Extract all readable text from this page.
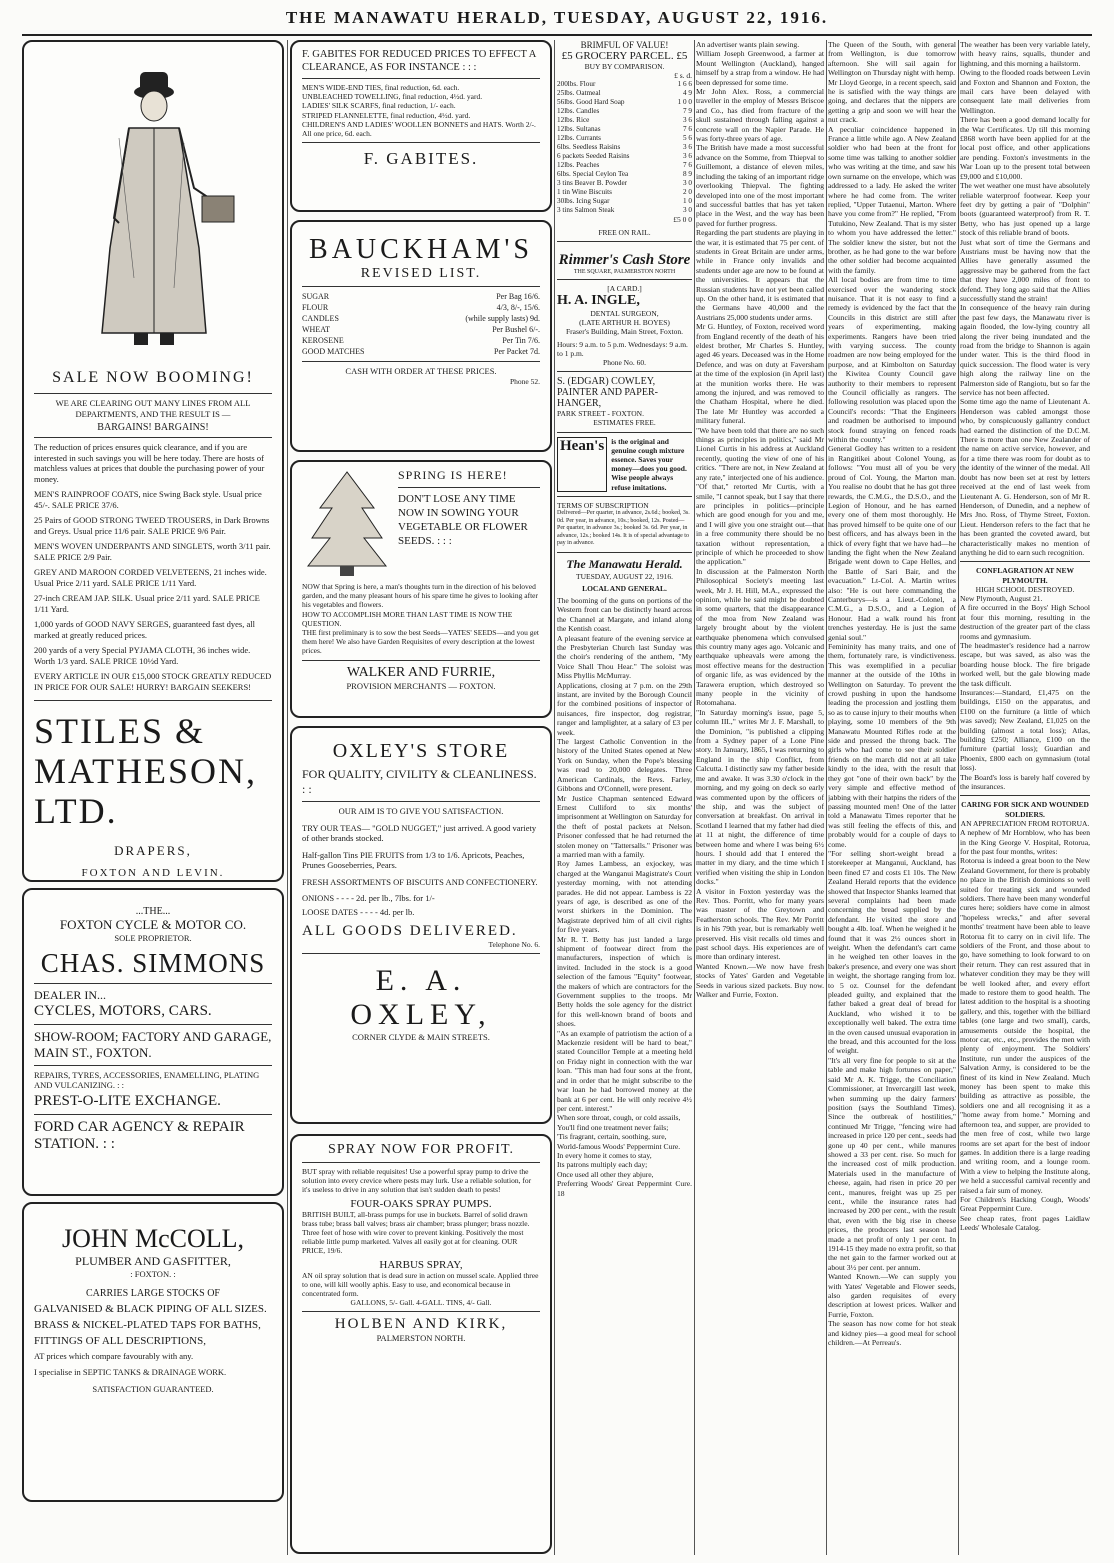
THE MANAWATU HERALD, TUESDAY, AUGUST 22, 1916.
SALE NOW BOOMING!
WE ARE CLEARING OUT MANY LINES FROM ALL DEPARTMENTS, AND THE RESULT IS —
BARGAINS! BARGAINS!
The reduction of prices ensures quick clearance, and if you are interested in such savings you will be here today. There are hosts of matchless values at prices that double the purchasing power of your money.
MEN'S RAINPROOF COATS, nice Swing Back style. Usual price 45/-. SALE PRICE 37/6.
25 Pairs of GOOD STRONG TWEED TROUSERS, in Dark Browns and Greys. Usual price 11/6 pair. SALE PRICE 9/6 Pair.
MEN'S WOVEN UNDERPANTS AND SINGLETS, worth 3/11 pair. SALE PRICE 2/9 Pair.
GREY AND MAROON CORDED VELVETEENS, 21 inches wide. Usual Price 2/11 yard. SALE PRICE 1/11 Yard.
27-inch CREAM JAP. SILK. Usual price 2/11 yard. SALE PRICE 1/11 Yard.
1,000 yards of GOOD NAVY SERGES, guaranteed fast dyes, all marked at greatly reduced prices.
200 yards of a very Special PYJAMA CLOTH, 36 inches wide. Worth 1/3 yard. SALE PRICE 10½d Yard.
EVERY ARTICLE IN OUR £15,000 STOCK GREATLY REDUCED IN PRICE FOR OUR SALE! HURRY! BARGAIN SEEKERS!
STILES &
MATHESON, LTD.
DRAPERS,
FOXTON AND LEVIN.
...THE...
FOXTON CYCLE & MOTOR CO.
SOLE PROPRIETOR.
CHAS. SIMMONS
DEALER IN...
CYCLES, MOTORS, CARS.
SHOW-ROOM; FACTORY AND GARAGE, MAIN ST., FOXTON.
REPAIRS, TYRES, ACCESSORIES, ENAMELLING, PLATING AND VULCANIZING. : :
PREST-O-LITE EXCHANGE.
FORD CAR AGENCY & REPAIR STATION. : :
JOHN McCOLL,
PLUMBER AND GASFITTER,
: FOXTON. :
CARRIES LARGE STOCKS OF
GALVANISED & BLACK PIPING OF ALL SIZES.
BRASS & NICKEL-PLATED TAPS FOR BATHS,
FITTINGS OF ALL DESCRIPTIONS,
AT prices which compare favourably with any.
I specialise in SEPTIC TANKS & DRAINAGE WORK.
SATISFACTION GUARANTEED.
F. GABITES FOR REDUCED PRICES TO EFFECT A CLEARANCE, AS FOR INSTANCE : : :
MEN'S WIDE-END TIES, final reduction, 6d. each.
UNBLEACHED TOWELLING, final reduction, 4½d. yard.
LADIES' SILK SCARFS, final reduction, 1/- each.
STRIPED FLANNELETTE, final reduction, 4½d. yard.
CHILDREN'S AND LADIES' WOOLLEN BONNETS and HATS. Worth 2/-. All one price, 6d. each.
F. GABITES.
BAUCKHAM'S
REVISED LIST.
SUGAR	Per Bag 16/6.
FLOUR	4/3, 8/-, 15/6.
CANDLES	(while supply lasts) 9d.
WHEAT	Per Bushel 6/-.
KEROSENE	Per Tin 7/6.
GOOD MATCHES	Per Packet 7d.
CASH WITH ORDER AT THESE PRICES.
Phone 52.
SPRING IS HERE!
DON'T LOSE ANY TIME NOW IN SOWING YOUR VEGETABLE OR FLOWER SEEDS. : : :
NOW that Spring is here, a man's thoughts turn in the direction of his beloved garden, and the many pleasant hours of his spare time he gives to looking after his vegetables and flowers.
HOW TO ACCOMPLISH MORE THAN LAST TIME IS NOW THE QUESTION.
THE first preliminary is to sow the best Seeds—YATES' SEEDS—and you get them here! We also have Garden Requisites of every description at the lowest prices.
WALKER AND FURRIE,
PROVISION MERCHANTS — FOXTON.
OXLEY'S STORE
FOR QUALITY, CIVILITY & CLEANLINESS. : :
OUR AIM IS TO GIVE YOU SATISFACTION.
TRY OUR TEAS— "GOLD NUGGET," just arrived. A good variety of other brands stocked.
Half-gallon Tins PIE FRUITS from 1/3 to 1/6. Apricots, Peaches, Prunes Gooseberries, Pears.
FRESH ASSORTMENTS OF BISCUITS AND CONFECTIONERY.
ONIONS - - - - 2d. per lb., 7lbs. for 1/-
LOOSE DATES - - - - 4d. per lb.
ALL GOODS DELIVERED.
Telephone No. 6.
E. A. OXLEY,
CORNER CLYDE & MAIN STREETS.
SPRAY NOW FOR PROFIT.
BUT spray with reliable requisites! Use a powerful spray pump to drive the solution into every crevice where pests may lurk. Use a reliable solution, for it's useless to drive in any solution that isn't sudden death to pests!
FOUR-OAKS SPRAY PUMPS.
BRITISH BUILT, all-brass pumps for use in buckets. Barrel of solid drawn brass tube; brass ball valves; brass air chamber; brass plunger; brass nozzle. Three feet of hose with wire cover to prevent kinking. Positively the most reliable little pump marketed. Valves all easily got at for cleaning. OUR PRICE, 19/6.
HARBUS SPRAY,
AN oil spray solution that is dead sure in action on mussel scale. Applied three to one, will kill woolly aphis. Easy to use, and economical because in concentrated form.
GALLONS, 5/- Gall. 4-GALL. TINS, 4/- Gall.
HOLBEN AND KIRK,
PALMERSTON NORTH.
BRIMFUL OF VALUE!
£5 GROCERY PARCEL. £5
BUY BY COMPARISON.
£ s. d.
200lbs. Flour	1 6 6
25lbs. Oatmeal	4 9
56lbs. Good Hard Soap	1 0 0
12lbs. Candles	7 9
12lbs. Rice	3 6
12lbs. Sultanas	7 6
12lbs. Currants	5 6
6lbs. Seedless Raisins	3 6
6 packets Seeded Raisins	3 6
12lbs. Peaches	7 6
6lbs. Special Ceylon Tea	8 9
3 tins Beaver B. Powder	3 0
1 tin Wine Biscuits	2 0
30lbs. Icing Sugar	1 0
3 tins Salmon Steak	3 0
£5 0 0
FREE ON RAIL.
Rimmer's Cash Store
THE SQUARE, PALMERSTON NORTH
[A CARD.]
H. A. INGLE,
DENTAL SURGEON,
(LATE ARTHUR H. BOYES)
Fraser's Building, Main Street, Foxton.
Hours: 9 a.m. to 5 p.m. Wednesdays: 9 a.m. to 1 p.m.
Phone No. 60.
S. (EDGAR) COWLEY,
PAINTER AND PAPER-HANGER,
PARK STREET - FOXTON.
ESTIMATES FREE.
Hean's is the original and genuine cough mixture essence. Saves your money—does you good. Wise people always refuse imitations.
TERMS OF SUBSCRIPTION
Delivered—Per quarter, in advance, 2s.6d.; booked, 3s. 0d. Per year, in advance, 10s.; booked, 12s. Posted—Per quarter, in advance 3s.; booked 3s. 6d. Per year, in advance, 12s.; booked 14s. It is of special advantage to pay in advance.
The Manawatu Herald.
TUESDAY, AUGUST 22, 1916.
LOCAL AND GENERAL.
The booming of the guns on portions of the Western front can be distinctly heard across the Channel at Margate, and inland along the Kentish coast.
A pleasant feature of the evening service at the Presbyterian Church last Sunday was the choir's rendering of the anthem, "My Voice Shall Thou Hear." The soloist was Miss Phyllis McMurray.
Applications, closing at 7 p.m. on the 29th instant, are invited by the Borough Council for the combined positions of inspector of nuisances, fire inspector, dog registrar, ranger and lamplighter, at a salary of £3 per week.
The largest Catholic Convention in the history of the United States opened at New York on Sunday, when the Pope's blessing was read to 20,000 delegates. Three American Cardinals, the Revs. Farley, Gibbons and O'Connell, were present.
Mr Justice Chapman sentenced Edward Ernest Culliford to six months' imprisonment at Wellington on Saturday for the theft of postal packets at Nelson. Prisoner confessed that he had returned the stolen money on "Tattersalls." Prisoner was a married man with a family.
Roy James Lambess, an exjockey, was charged at the Wanganui Magistrate's Court yesterday morning, with not attending parades. He did not appear. Lambess is 22 years of age, is described as one of the worst shirkers in the Dominion. The Magistrate deprived him of all civil rights for five years.
Mr R. T. Betty has just landed a large shipment of footwear direct from the manufacturers, inspection of which is invited. Included in the stock is a good selection of the famous "Equity" footwear, the makers of which are contractors for the Government supplies to the troops. Mr Betty holds the sole agency for the district for this well-known brand of boots and shoes.
"As an example of patriotism the action of a Mackenzie resident will be hard to beat," stated Councillor Temple at a meeting held on Friday night in connection with the war loan. "This man had four sons at the front, and in order that he might subscribe to the war loan he had borrowed money at the bank at 6 per cent. He will only receive 4½ per cent. interest."
When sore throat, cough, or cold assails,
You'll find one treatment never fails;
'Tis fragrant, certain, soothing, sure,
World-famous Woods' Peppermint Cure.
In every home it comes to stay,
Its patrons multiply each day;
Once used all other they abjure,
Preferring Woods' Great Peppermint Cure. 18
An advertiser wants plain sewing.
William Joseph Greenwood, a farmer at Mount Wellington (Auckland), hanged himself by a strap from a window. He had been depressed for some time.
Mr John Alex. Ross, a commercial traveller in the employ of Messrs Briscoe and Co., has died from fracture of the skull sustained through falling against a concrete wall on the Napier Parade. He was forty-three years of age.
The British have made a most successful advance on the Somme, from Thiepval to Guillemont, a distance of eleven miles, including the taking of an important ridge overlooking Thiepval. The fighting developed into one of the most important and successful battles that has yet taken place in the West, and the way has been paved for further progress.
Regarding the part students are playing in the war, it is estimated that 75 per cent. of students in Great Britain are under arms, while in France only invalids and students under age are now to be found at the universities. It appears that the Russian students have not yet been called up. On the other hand, it is estimated that the Germans have 40,000 and the Austrians 25,000 students under arms.
Mr G. Huntley, of Foxton, received word from England recently of the death of his eldest brother, Mr Charles S. Huntley, aged 46 years. Deceased was in the Home Defence, and was on duty at Faversham at the time of the explosion (in April last) at the munition works there. He was among the injured, and was removed to the Chatham Hospital, where he died. The late Mr Huntley was accorded a military funeral.
"We have been told that there are no such things as principles in politics," said Mr Lionel Curtis in his address at Auckland recently, quoting the view of one of his critics. "There are not, in New Zealand at any rate," interjected one of his audience. "Of that," retorted Mr Curtis, with a smile, "I cannot speak, but I say that there are principles in politics—principle which are good enough for you and me, and I will give you one straight out—that in a free community there should be no taxation without representation, a principle of which he proceeded to show the application."
In discussion at the Palmerston North Philosophical Society's meeting last week, Mr J. H. Hill, M.A., expressed the opinion, while he said might be doubted in some quarters, that the disappearance of the moa from New Zealand was largely brought about by the violent earthquake phenomena which convulsed this country many ages ago. Volcanic and earthquake upheavals were among the most effective means for the destruction of organic life, as was evidenced by the Tarawera eruption, which destroyed so many people in the vicinity of Rotomahana.
"In Saturday morning's issue, page 5, column III.," writes Mr J. F. Marshall, to the Dominion, "is published a clipping from a Sydney paper of a Lone Pine story. In January, 1865, I was returning to England in the ship Conflict, from Calcutta. I distinctly saw my father beside me and awake. It was 3.30 o'clock in the morning, and my going on deck so early was commented upon by the officers of the ship, and was the subject of conversation at breakfast. On arrival in Scotland I learned that my father had died at 11 at night, the difference of time between home and where I was being 6½ hours. I should add that I entered the matter in my diary, and the time which I verified when visiting the ship in London docks."
A visitor in Foxton yesterday was the Rev. Thos. Porritt, who for many years was master of the Greytown and Featherston schools. The Rev. Mr Porritt is in his 79th year, but is remarkably well preserved. His visit recalls old times and past school days. His experiences are of more than ordinary interest.
Wanted Known.—We now have fresh stocks of Yates' Garden and Vegetable Seeds in various sized packets. Buy now. Walker and Furrie, Foxton.
The Queen of the South, with general from Wellington, is due tomorrow afternoon. She will sail again for Wellington on Thursday night with hemp.
Mr Lloyd George, in a recent speech, said he is satisfied with the way things are going, and declares that the nippers are getting a grip and soon we will hear the nut crack.
A peculiar coincidence happened in France a little while ago. A New Zealand soldier who had been at the front for some time was talking to another soldier who was writing at the time, and saw his own surname on the envelope, which was addressed to a lady. He asked the writer where he had come from. The writer replied, "Upper Tutaenui, Marton. Where have you come from?" He replied, "From Tutukino, New Zealand. That is my sister to whom you have addressed the letter." The soldier knew the sister, but not the brother, as he had gone to the war before the other soldier had become acquainted with the family.
All local bodies are from time to time exercised over the wandering stock nuisance. That it is not easy to find a remedy is evidenced by the fact that the Councils in this district are still after years of experimenting, making experiments. Rangers have been tried with varying success. The county roadmen are now being employed for the purpose, and at Kimbolton on Saturday the Kiwitea County Council gave authority to their members to represent the Council officially as rangers. The following resolution was placed upon the Council's records: "That the Engineers and roadmen be authorised to impound stock found straying on fenced roads within the county."
General Godley has written to a resident in Rangitikei about Colonel Young, as follows: "You must all of you be very proud of Col. Young, the Marton man. You realise no doubt that he has got three rewards, the C.M.G., the D.S.O., and the Legion of Honour, and he has earned every one of them most thoroughly. He has proved himself to be quite one of our best officers, and has always been in the thick of every fight that we have had—he landing the fight when the New Zealand Brigade went down to Cape Helles, and the Battle of Sari Bair, and the evacuation." Lt-Col. A. Martin writes also: "He is out here commanding the Canterburys—is a Lieut.-Colonel, a C.M.G., a D.S.O., and a Legion of Honour. Had a walk round his front trenches yesterday. He is just the same genial soul."
Femininity has many traits, and one of them, fortunately rare, is vindictiveness. This was exemplified in a peculiar manner at the outside of the 10ths in Wellington on Saturday. To prevent the crowd pushing in upon the handsome leading the procession and jostling them so as to cause injury to their mouths when playing, some 10 members of the 9th Manawatu Mounted Rifles rode at the side and pressed the throng back. The girls who had come to see their soldier friends on the march did not at all take kindly to the idea, with the result that they got "one of their own back" by the very simple and effective method of jabbing with their hatpins the riders of the passing mounted men! One of the latter told a Manawatu Times reporter that he was still feeling the effects of this, and probably would for a couple of days to come.
"For selling short-weight bread a storekeeper at Manganui, Auckland, has been fined £7 and costs £1 10s. The New Zealand Herald reports that the evidence showed that Inspector Shanks learned that several complaints had been made concerning the bread supplied by the defendant. He visited the store and bought a 4lb. loaf. When he weighed it he found that it was 2½ ounces short in weight. When the defendant's cart came in he weighed ten other loaves in the baker's presence, and every one was short in weight, the shortage ranging from loz. to 5 oz. Counsel for the defendant pleaded guilty, and explained that the father baked a great deal of bread for Auckland, who wished it to be exceptionally well baked. The extra time in the oven caused unusual evaporation in the bread, and this accounted for the loss of weight.
"It's all very fine for people to sit at the table and make high fortunes on paper," said Mr A. K. Trigge, the Conciliation Commissioner, at Invercargill last week, when summing up the dairy farmers' position (says the Southland Times). Since the outbreak of hostilities," continued Mr Trigge, "fencing wire had increased in price 120 per cent., seeds had gone up 40 per cent., while manures showed a 33 per cent. rise. So much for the increased cost of milk production. Materials used in the manufacture of cheese, again, had risen in price 20 per cent., manures, freight was up 25 per cent., while the insurance rates had increased by 200 per cent., with the result that, even with the big rise in cheese prices, the producers last season had made a net profit of only 1 per cent. In 1914-15 they made no extra profit, so that the net gain to the farmer worked out at about 3½ per cent. per annum.
Wanted Known.—We can supply you with Yates' Vegetable and Flower seeds, also garden requisites of every description at lowest prices. Walker and Furrie, Foxton.
The season has now come for hot steak and kidney pies—a good meal for school children.—At Perreau's.
The weather has been very variable lately, with heavy rains, squalls, thunder and lightning, and this morning a hailstorm.
Owing to the flooded roads between Levin and Foxton and Shannon and Foxton, the mail cars have been delayed with consequent late mail deliveries from Wellington.
There has been a good demand locally for the War Certificates. Up till this morning £868 worth have been applied for at the local post office, and other applications are pending. Foxton's investments in the War Loan up to the present total between £9,000 and £10,000.
The wet weather one must have absolutely reliable waterproof footwear. Keep your feet dry by getting a pair of "Dolphin" boots (guaranteed waterproof) from R. T. Betty, who has just opened up a large stock of this reliable brand of boots.
Just what sort of time the Germans and Austrians must be having now that the Allies have generally assumed the aggressive may be gathered from the fact that they have 2,000 miles of front to defend. They long ago said that the Allies successfully stand the strain!
In consequence of the heavy rain during the past few days, the Manawatu river is again flooded, the low-lying country all along the river being inundated and the road from the bridge to Shannon is again under water. This is the third flood in quick succession. The flood water is very high along the railway line on the Palmerston side of Rangiotu, but so far the service has not been affected.
Some time ago the name of Lieutenant A. Henderson was cabled amongst those who, by conspicuously gallantry conduct had earned the distinction of the D.C.M. There is more than one New Zealander of the name on active service, however, and for a time there was room for doubt as to the identity of the winner of the medal. All doubt has now been set at rest by letters received at the end of last week from Lieutenant A. G. Henderson, son of Mr R. Henderson, of Dunedin, and a nephew of Mrs Jno. Ross, of Thyme Street, Foxton. Lieut. Henderson refers to the fact that he has been granted the coveted award, but characteristically makes no mention of anything he did to earn such recognition.
CONFLAGRATION AT NEW PLYMOUTH.
HIGH SCHOOL DESTROYED.
New Plymouth, August 21.
A fire occurred in the Boys' High School at four this morning, resulting in the destruction of the greater part of the class rooms and gymnasium.
The headmaster's residence had a narrow escape, but was saved, as also was the boarding house block. The fire brigade worked well, but the gale blowing made the task difficult.
Insurances:—Standard, £1,475 on the buildings, £150 on the apparatus, and £100 on the furniture (a little of which was saved); New Zealand, £1,025 on the building (almost a total loss); Atlas, building £250; Alliance, £100 on the furniture (partial loss); Guardian and Phoenix, £800 each on gymnasium (total loss).
The Board's loss is barely half covered by the insurances.
CARING FOR SICK AND WOUNDED SOLDIERS.
AN APPRECIATION FROM ROTORUA.
A nephew of Mr Hornblow, who has been in the King George V. Hospital, Rotorua, for the past four months, writes:
Rotorua is indeed a great boon to the New Zealand Government, for there is probably no place in the British dominions so well suited for treating sick and wounded soldiers. There have been many wonderful cures here; soldiers have come in almost "hopeless wrecks," and after several months' treatment have been able to leave Rotorua fit to carry on in civil life. The soldiers of the Front, and those about to go, have something to look forward to on their return. They can rest assured that in whatever condition they may be they will be well looked after, and every effort made to restore them to good health. The latest addition to the hospital is a shooting gallery, and this, together with the billiard tables (one large and two small), cards, amusements outside the hospital, the motor car, etc., etc., provides the men with plenty of enjoyment. The Soldiers' Institute, run under the auspices of the Salvation Army, is considered to be the finest of its kind in New Zealand. Much money has been spent to make this building as attractive as possible, the soldiers one and all recognising it as a "home away from home." Morning and afternoon tea, and supper, are provided to the men free of cost, while two large rooms are set apart for the best of indoor games. In addition there is a large reading and writing room, and a lounge room. With a view to helping the Institute along, we held a successful carnival recently and raised a fair sum of money.
For Children's Hacking Cough, Woods' Great Peppermint Cure.
See cheap rates, front pages Laidlaw Leeds' Wholesale Catalog.
